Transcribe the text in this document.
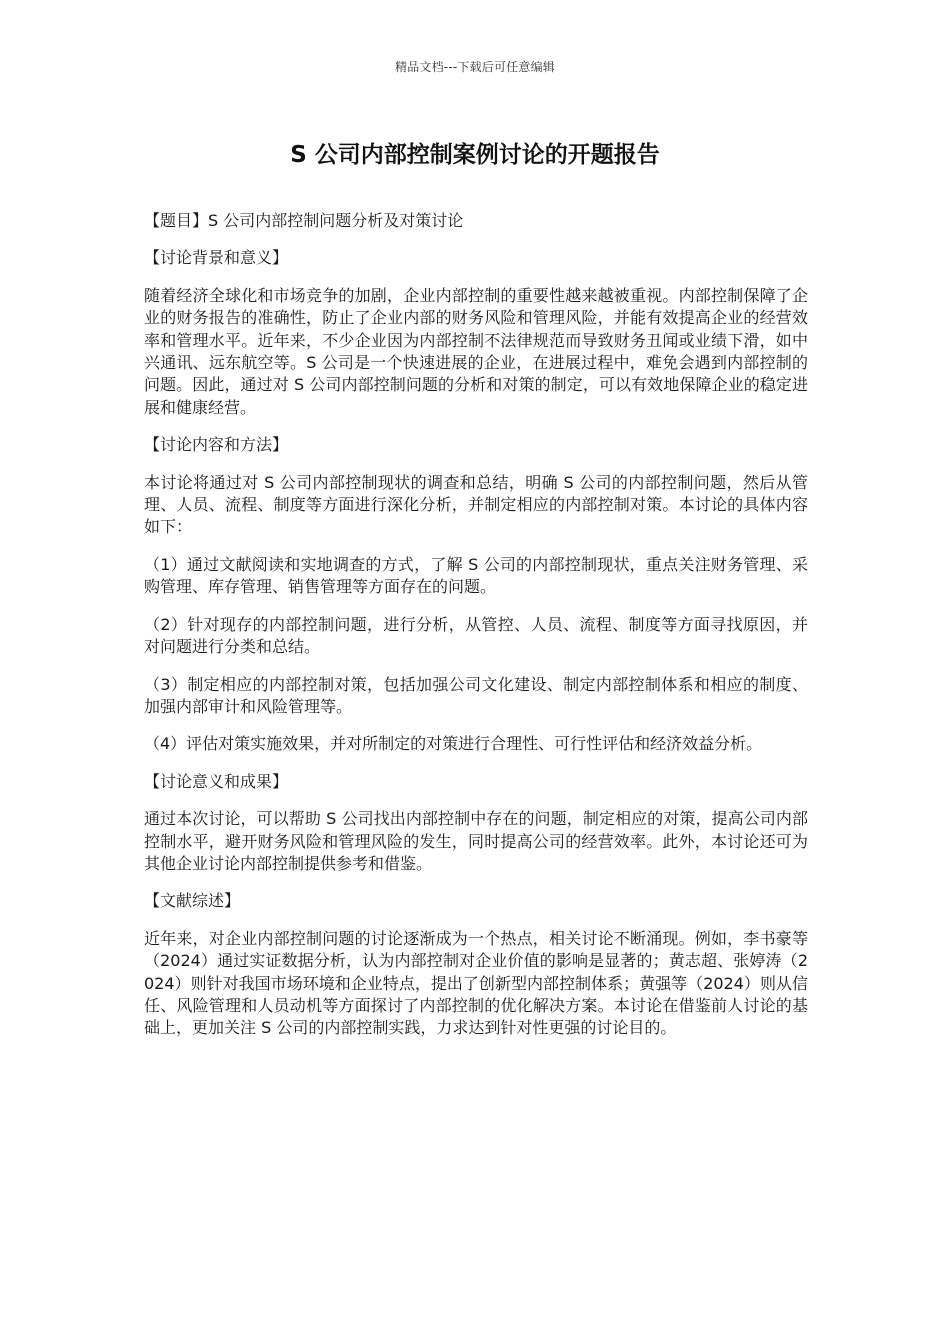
精品文档---下载后可任意编辑
S 公司内部控制案例讨论的开题报告

【题目】S 公司内部控制问题分析及对策讨论

【讨论背景和意义】

随着经济全球化和市场竞争的加剧，企业内部控制的重要性越来越被重视。内部控制保障了企业的财务报告的准确性，防止了企业内部的财务风险和管理风险，并能有效提高企业的经营效率和管理水平。近年来，不少企业因为内部控制不法律规范而导致财务丑闻或业绩下滑，如中兴通讯、远东航空等。S 公司是一个快速进展的企业，在进展过程中，难免会遇到内部控制的问题。因此，通过对 S 公司内部控制问题的分析和对策的制定，可以有效地保障企业的稳定进展和健康经营。

【讨论内容和方法】

本讨论将通过对 S 公司内部控制现状的调查和总结，明确 S 公司的内部控制问题，然后从管理、人员、流程、制度等方面进行深化分析，并制定相应的内部控制对策。本讨论的具体内容如下：

（1）通过文献阅读和实地调查的方式，了解 S 公司的内部控制现状，重点关注财务管理、采购管理、库存管理、销售管理等方面存在的问题。

（2）针对现存的内部控制问题，进行分析，从管控、人员、流程、制度等方面寻找原因，并对问题进行分类和总结。

（3）制定相应的内部控制对策，包括加强公司文化建设、制定内部控制体系和相应的制度、加强内部审计和风险管理等。

（4）评估对策实施效果，并对所制定的对策进行合理性、可行性评估和经济效益分析。

【讨论意义和成果】

通过本次讨论，可以帮助 S 公司找出内部控制中存在的问题，制定相应的对策，提高公司内部控制水平，避开财务风险和管理风险的发生，同时提高公司的经营效率。此外，本讨论还可为其他企业讨论内部控制提供参考和借鉴。

【文献综述】

近年来，对企业内部控制问题的讨论逐渐成为一个热点，相关讨论不断涌现。例如，李书豪等（2024）通过实证数据分析，认为内部控制对企业价值的影响是显著的；黄志超、张婷涛（2024）则针对我国市场环境和企业特点，提出了创新型内部控制体系；黄强等（2024）则从信任、风险管理和人员动机等方面探讨了内部控制的优化解决方案。本讨论在借鉴前人讨论的基础上，更加关注 S 公司的内部控制实践，力求达到针对性更强的讨论目的。
